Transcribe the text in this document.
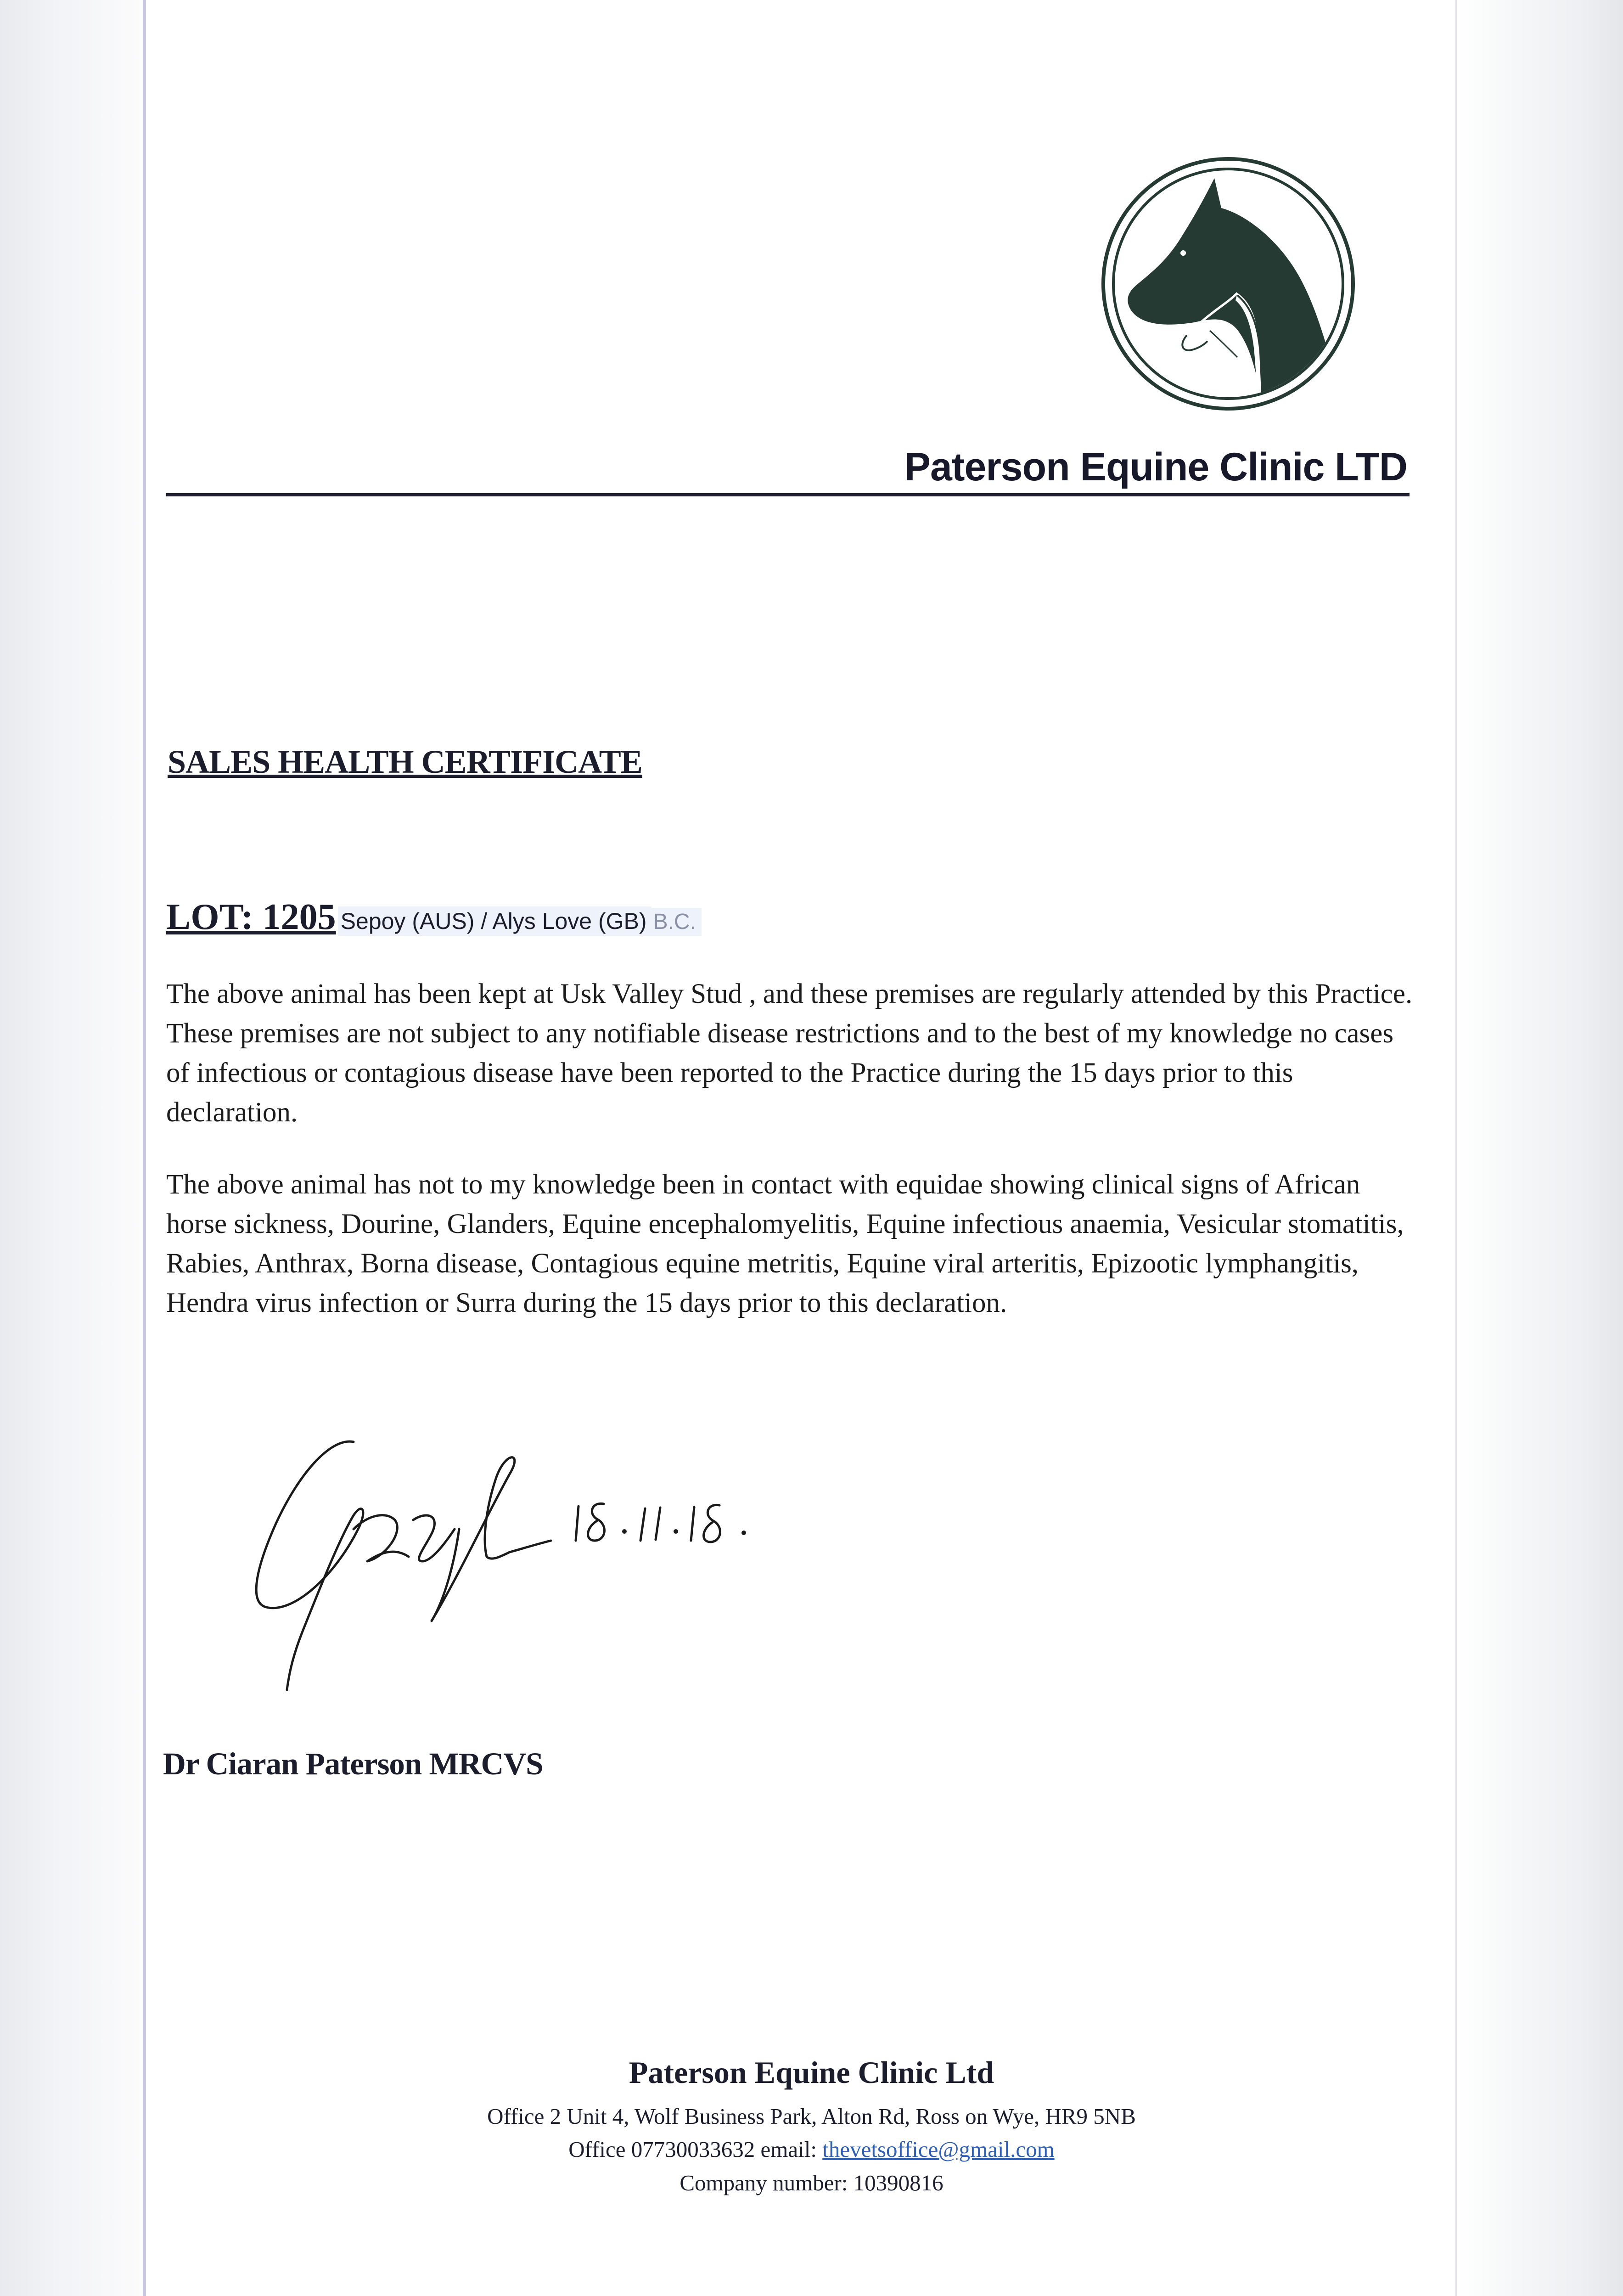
Paterson Equine Clinic LTD
SALES HEALTH CERTIFICATE
LOT: 1205 Sepoy (AUS) / Alys Love (GB) B.C.

The above animal has been kept at Usk Valley Stud , and these premises are regularly attended by this Practice. These premises are not subject to any notifiable disease restrictions and to the best of my knowledge no cases of infectious or contagious disease have been reported to the Practice during the 15 days prior to this declaration.

The above animal has not to my knowledge been in contact with equidae showing clinical signs of African horse sickness, Dourine, Glanders, Equine encephalomyelitis, Equine infectious anaemia, Vesicular stomatitis, Rabies, Anthrax, Borna disease, Contagious equine metritis, Equine viral arteritis, Epizootic lymphangitis, Hendra virus infection or Surra during the 15 days prior to this declaration.

Dr Ciaran Paterson MRCVS
Paterson Equine Clinic Ltd
Office 2 Unit 4, Wolf Business Park, Alton Rd, Ross on Wye, HR9 5NB
Office 07730033632 email: thevetsoffice@gmail.com
Company number: 10390816
